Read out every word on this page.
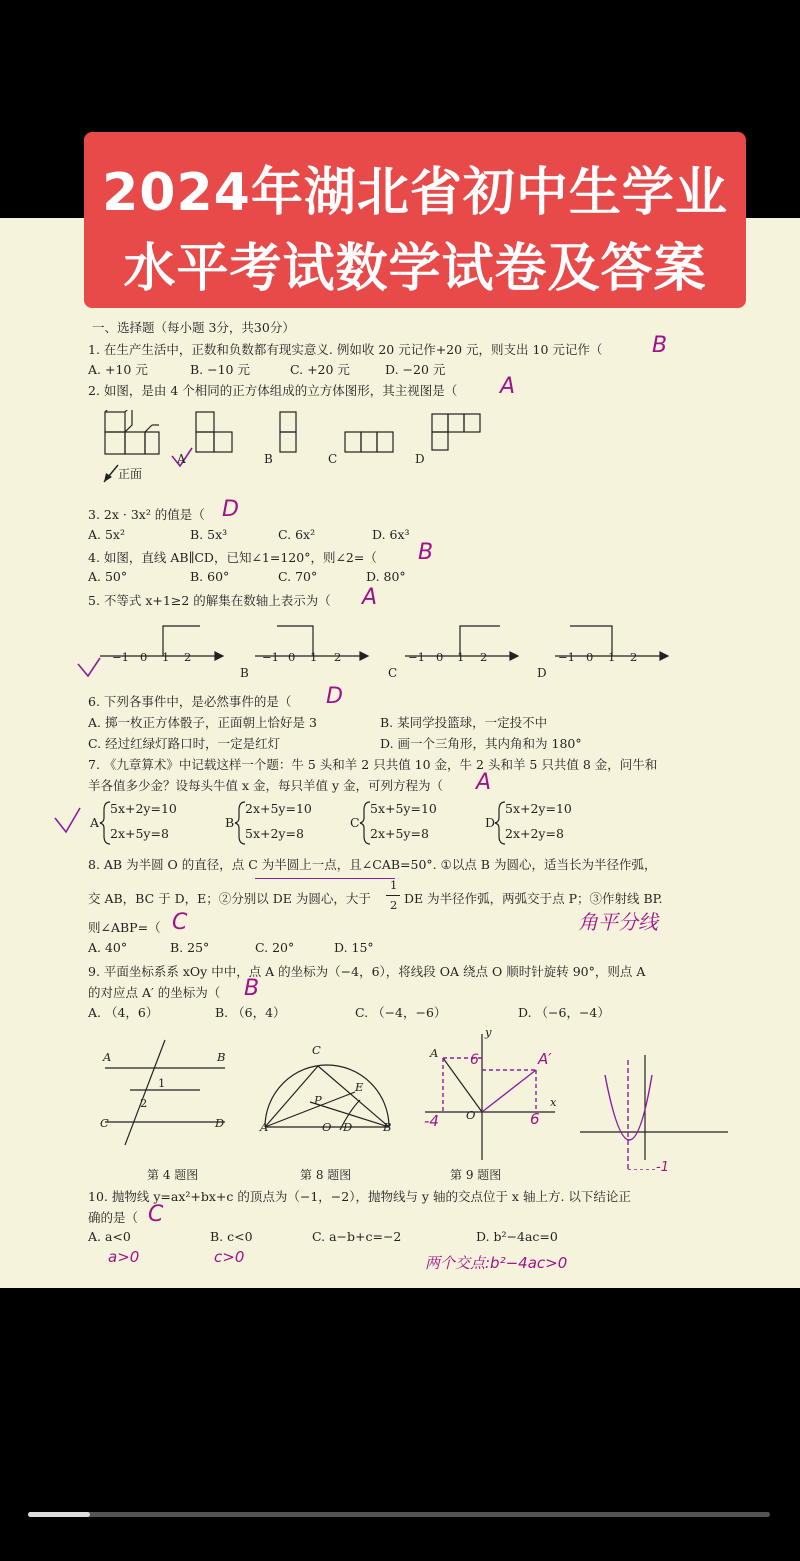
2024年湖北省初中生学业
水平考试数学试卷及答案
一、选择题（每小题 3分，共30分）
1. 在生产生活中，正数和负数都有现实意义. 例如收 20 元记作+20 元，则支出 10 元记作（ B
A. +10 元	B. −10 元	C. +20 元	D. −20 元
2. 如图，是由 4 个相同的正方体组成的立方体图形，其主视图是（ A
正面
A	B	C	D
3. 2x · 3x² 的值是（ D
A. 5x²	B. 5x³	C. 6x²	D. 6x³
4. 如图，直线 AB∥CD，已知∠1=120°，则∠2=（ B
A. 50°	B. 60°	C. 70°	D. 80°
5. 不等式 x+1≥2 的解集在数轴上表示为（ A
−1 0 1 2	−1 0 1 2	−1 0 1 2	−1 0 1 2
B	C	D
6. 下列各事件中，是必然事件的是（ D
A. 掷一枚正方体骰子，正面朝上恰好是 3	B. 某同学投篮球，一定投不中
C. 经过红绿灯路口时，一定是红灯	D. 画一个三角形，其内角和为 180°
7. 《九章算术》中记载这样一个题：牛 5 头和羊 2 只共值 10 金，牛 2 头和羊 5 只共值 8 金，问牛和
羊各值多少金？设每头牛值 x 金，每只羊值 y 金，可列方程为（ A
A
5x+2y=10
2x+5y=8
B
2x+5y=10
5x+2y=8
C
5x+5y=10
2x+5y=8
D
5x+2y=10
2x+2y=8
8. AB 为半圆 O 的直径，点 C 为半圆上一点，且∠CAB=50°. ①以点 B 为圆心，适当长为半径作弧，
交 AB，BC 于 D，E；②分别以 DE 为圆心，大于
1
2 DE 为半径作弧，两弧交于点 P；③作射线 BP.
则∠ABP=（ C	角平分线
A. 40°	B. 25°	C. 20°	D. 15°
9. 平面坐标系系 xOy 中中，点 A 的坐标为（−4，6），将线段 OA 绕点 O 顺时针旋转 90°，则点 A
的对应点 A′ 的坐标为（ B
A. （4，6）	B. （6，4）	C. （−4，−6）	D. （−6，−4）
A	B
C	D
1
2
C
E
P
A	O D	B
A	A′
O
x
y
6
-4	6
-1
第 4 题图	第 8 题图	第 9 题图
10. 抛物线 y=ax²+bx+c 的顶点为（−1，−2），抛物线与 y 轴的交点位于 x 轴上方. 以下结论正
确的是（ C
A. a<0	B. c<0	C. a−b+c=−2	D. b²−4ac=0
a>0	c>0	两个交点:b²−4ac>0
